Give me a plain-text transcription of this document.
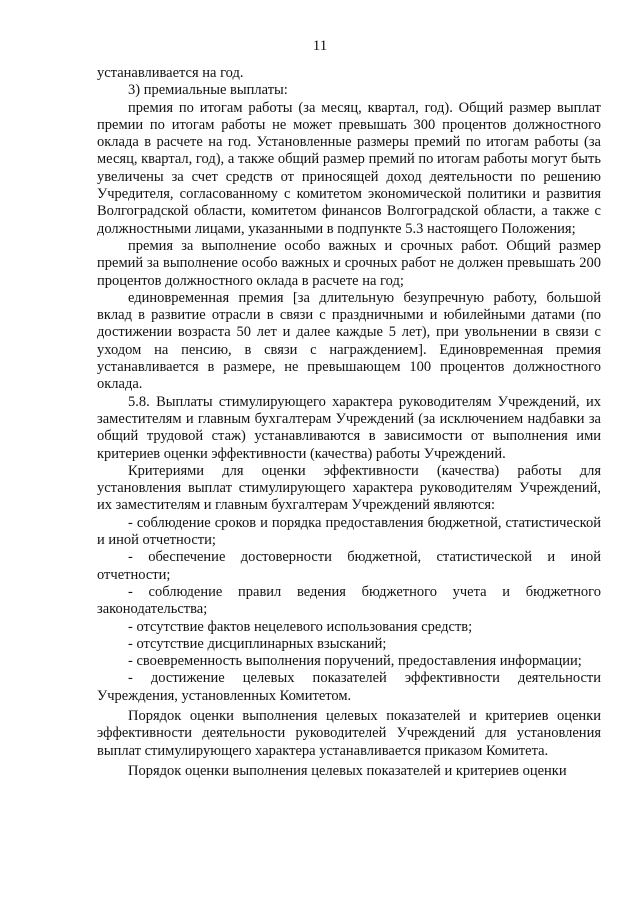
11

устанавливается на год.

3) премиальные выплаты:

премия по итогам работы (за месяц, квартал, год). Общий размер выплат премии по итогам работы не может превышать 300 процентов должностного оклада в расчете на год. Установленные размеры премий по итогам работы (за месяц, квартал, год), а также общий размер премий по итогам работы могут быть увеличены за счет средств от приносящей доход деятельности по решению Учредителя, согласованному с комитетом экономической политики и развития Волгоградской области, комитетом финансов Волгоградской области, а также с должностными лицами, указанными в подпункте 5.3 настоящего Положения;

премия за выполнение особо важных и срочных работ. Общий размер премий за выполнение особо важных и срочных работ не должен превышать 200 процентов должностного оклада в расчете на год;

единовременная премия [за длительную безупречную работу, большой вклад в развитие отрасли в связи с праздничными и юбилейными датами (по достижении возраста 50 лет и далее каждые 5 лет), при увольнении в связи с уходом на пенсию, в связи с награждением]. Единовременная премия устанавливается в размере, не превышающем 100 процентов должностного оклада.

5.8. Выплаты стимулирующего характера руководителям Учреждений, их заместителям и главным бухгалтерам Учреждений (за исключением надбавки за общий трудовой стаж) устанавливаются в зависимости от выполнения ими критериев оценки эффективности (качества) работы Учреждений.

Критериями для оценки эффективности (качества) работы для установления выплат стимулирующего характера руководителям Учреждений, их заместителям и главным бухгалтерам Учреждений являются:

- соблюдение сроков и порядка предоставления бюджетной, статистической и иной отчетности;

- обеспечение достоверности бюджетной, статистической и иной отчетности;

- соблюдение правил ведения бюджетного учета и бюджетного законодательства;

- отсутствие фактов нецелевого использования средств;

- отсутствие дисциплинарных взысканий;

- своевременность выполнения поручений, предоставления информации;

- достижение целевых показателей эффективности деятельности Учреждения, установленных Комитетом.

Порядок оценки выполнения целевых показателей и критериев оценки эффективности деятельности руководителей Учреждений для установления выплат стимулирующего характера устанавливается приказом Комитета.

Порядок оценки выполнения целевых показателей и критериев оценки
